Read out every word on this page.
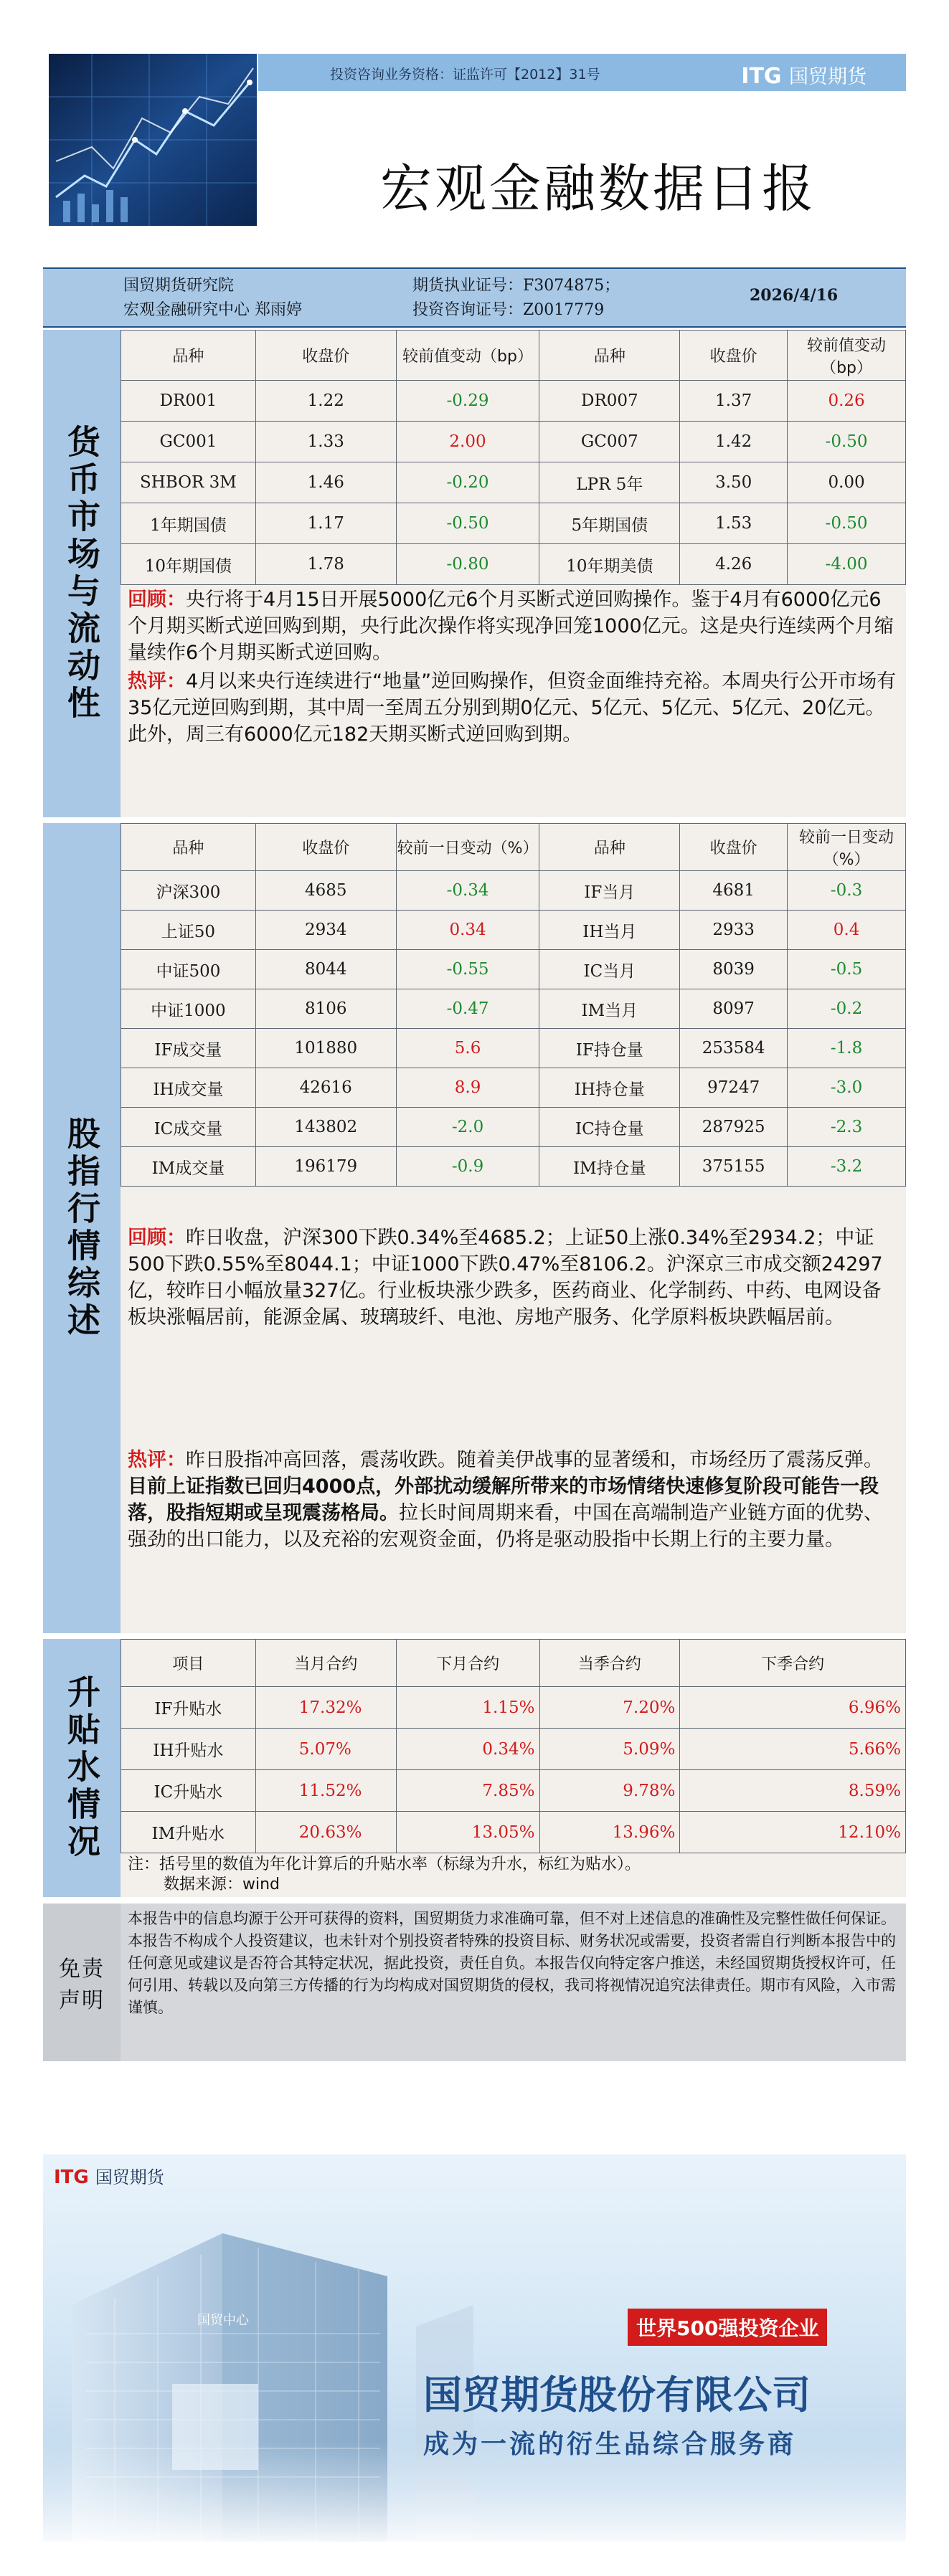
投资咨询业务资格：证监许可【2012】31号	ITG 国贸期货
宏观金融数据日报
国贸期货研究院
宏观金融研究中心 郑雨婷
期货执业证号：F3074875；
投资咨询证号：Z0017779
2026/4/16
货币市场与流动性
品种	收盘价	较前值变动（bp）	品种	收盘价	较前值变动（bp）
DR001	1.22	-0.29	DR007	1.37	0.26
GC001	1.33	2.00	GC007	1.42	-0.50
SHBOR 3M	1.46	-0.20	LPR 5年	3.50	0.00
1年期国债	1.17	-0.50	5年期国债	1.53	-0.50
10年期国债	1.78	-0.80	10年期美债	4.26	-4.00
回顾：央行将于4月15日开展5000亿元6个月买断式逆回购操作。鉴于4月有6000亿元6个月期买断式逆回购到期，央行此次操作将实现净回笼1000亿元。这是央行连续两个月缩量续作6个月期买断式逆回购。
热评：4月以来央行连续进行“地量”逆回购操作，但资金面维持充裕。本周央行公开市场有35亿元逆回购到期，其中周一至周五分别到期0亿元、5亿元、5亿元、5亿元、20亿元。此外，周三有6000亿元182天期买断式逆回购到期。
股指行情综述
品种	收盘价	较前一日变动（%）	品种	收盘价	较前一日变动（%）
沪深300	4685	-0.34	IF当月	4681	-0.3
上证50	2934	0.34	IH当月	2933	0.4
中证500	8044	-0.55	IC当月	8039	-0.5
中证1000	8106	-0.47	IM当月	8097	-0.2
IF成交量	101880	5.6	IF持仓量	253584	-1.8
IH成交量	42616	8.9	IH持仓量	97247	-3.0
IC成交量	143802	-2.0	IC持仓量	287925	-2.3
IM成交量	196179	-0.9	IM持仓量	375155	-3.2
回顾：昨日收盘，沪深300下跌0.34%至4685.2；上证50上涨0.34%至2934.2；中证500下跌0.55%至8044.1；中证1000下跌0.47%至8106.2。沪深京三市成交额24297亿，较昨日小幅放量327亿。行业板块涨少跌多，医药商业、化学制药、中药、电网设备板块涨幅居前，能源金属、玻璃玻纤、电池、房地产服务、化学原料板块跌幅居前。
热评：昨日股指冲高回落，震荡收跌。随着美伊战事的显著缓和，市场经历了震荡反弹。目前上证指数已回归4000点，外部扰动缓解所带来的市场情绪快速修复阶段可能告一段落，股指短期或呈现震荡格局。拉长时间周期来看，中国在高端制造产业链方面的优势、强劲的出口能力，以及充裕的宏观资金面，仍将是驱动股指中长期上行的主要力量。
升贴水情况
项目	当月合约	下月合约	当季合约	下季合约
IF升贴水	17.32%	1.15%	7.20%	6.96%
IH升贴水	5.07%	0.34%	5.09%	5.66%
IC升贴水	11.52%	7.85%	9.78%	8.59%
IM升贴水	20.63%	13.05%	13.96%	12.10%
注：括号里的数值为年化计算后的升贴水率（标绿为升水，标红为贴水）。
数据来源：wind
免责声明
本报告中的信息均源于公开可获得的资料，国贸期货力求准确可靠，但不对上述信息的准确性及完整性做任何保证。本报告不构成个人投资建议，也未针对个别投资者特殊的投资目标、财务状况或需要，投资者需自行判断本报告中的任何意见或建议是否符合其特定状况，据此投资，责任自负。本报告仅向特定客户推送，未经国贸期货授权许可，任何引用、转载以及向第三方传播的行为均构成对国贸期货的侵权，我司将视情况追究法律责任。期市有风险，入市需谨慎。
国贸中心
ITG 国贸期货
世界500强投资企业
国贸期货股份有限公司
成为一流的衍生品综合服务商
